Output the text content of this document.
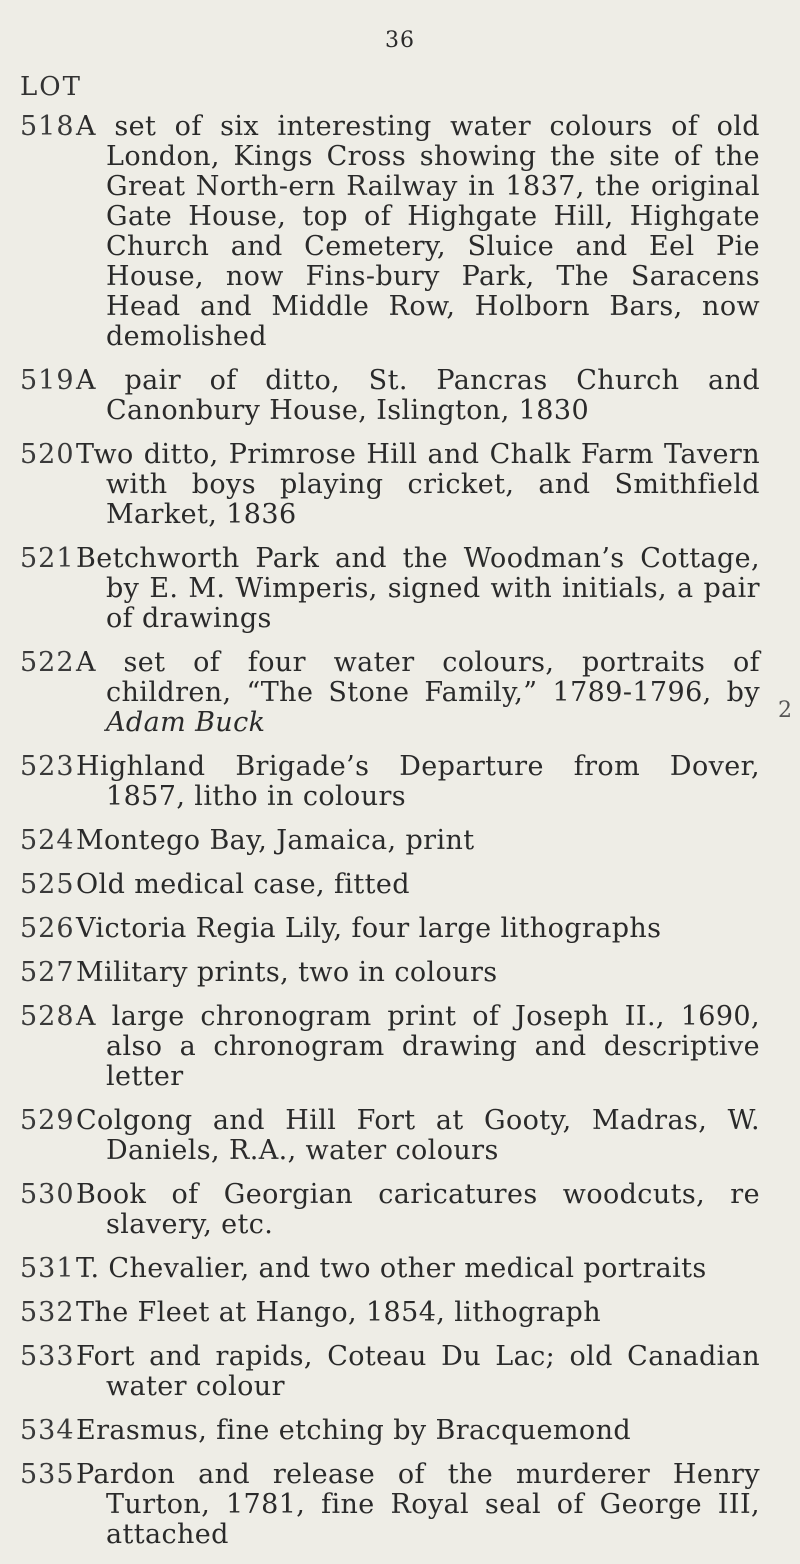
36
LOT
2
518 A set of six interesting water colours of old London, Kings Cross showing the site of the Great North-ern Railway in 1837, the original Gate House, top of Highgate Hill, Highgate Church and Cemetery, Sluice and Eel Pie House, now Fins-bury Park, The Saracens Head and Middle Row, Holborn Bars, now demolished
519 A pair of ditto, St. Pancras Church and Canonbury House, Islington, 1830
520 Two ditto, Primrose Hill and Chalk Farm Tavern with boys playing cricket, and Smithfield Market, 1836
521 Betchworth Park and the Woodman’s Cottage, by E. M. Wimperis, signed with initials, a pair of drawings
522 A set of four water colours, portraits of children, “The Stone Family,” 1789-1796, by Adam Buck
523 Highland Brigade’s Departure from Dover, 1857, litho in colours
524 Montego Bay, Jamaica, print
525 Old medical case, fitted
526 Victoria Regia Lily, four large lithographs
527 Military prints, two in colours
528 A large chronogram print of Joseph II., 1690, also a chronogram drawing and descriptive letter
529 Colgong and Hill Fort at Gooty, Madras, W. Daniels, R.A., water colours
530 Book of Georgian caricatures woodcuts, re slavery, etc.
531 T. Chevalier, and two other medical portraits
532 The Fleet at Hango, 1854, lithograph
533 Fort and rapids, Coteau Du Lac; old Canadian water colour
534 Erasmus, fine etching by Bracquemond
535 Pardon and release of the murderer Henry Turton, 1781, fine Royal seal of George III, attached
